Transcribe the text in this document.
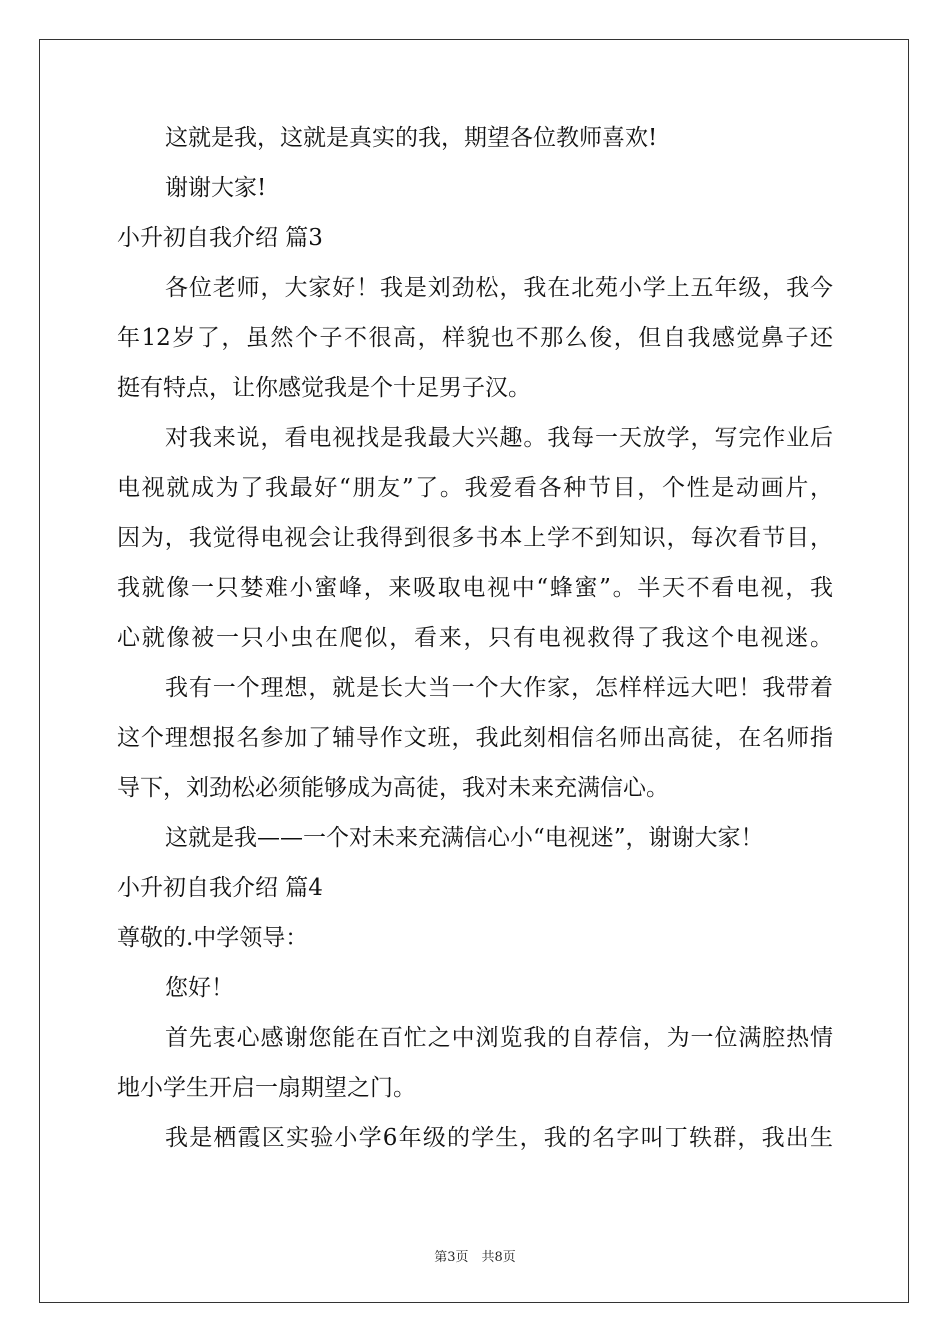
这就是我，这就是真实的我，期望各位教师喜欢!
谢谢大家!
小升初自我介绍 篇3
各位老师，大家好！我是刘劲松，我在北苑小学上五年级，我今
年12岁了，虽然个子不很高，样貌也不那么俊，但自我感觉鼻子还
挺有特点，让你感觉我是个十足男子汉。
对我来说，看电视找是我最大兴趣。我每一天放学，写完作业后
电视就成为了我最好“朋友”了。我爱看各种节目，个性是动画片，
因为，我觉得电视会让我得到很多书本上学不到知识，每次看节目，
我就像一只婪难小蜜峰，来吸取电视中“蜂蜜”。半天不看电视，我
心就像被一只小虫在爬似，看来，只有电视救得了我这个电视迷。
我有一个理想，就是长大当一个大作家，怎样样远大吧！我带着
这个理想报名参加了辅导作文班，我此刻相信名师出高徒，在名师指
导下，刘劲松必须能够成为高徒，我对未来充满信心。
这就是我——一个对未来充满信心小“电视迷”，谢谢大家！
小升初自我介绍 篇4
尊敬的.中学领导：
您好！
首先衷心感谢您能在百忙之中浏览我的自荐信，为一位满腔热情
地小学生开启一扇期望之门。
我是栖霞区实验小学6年级的学生，我的名字叫丁轶群，我出生
第3页　共8页
